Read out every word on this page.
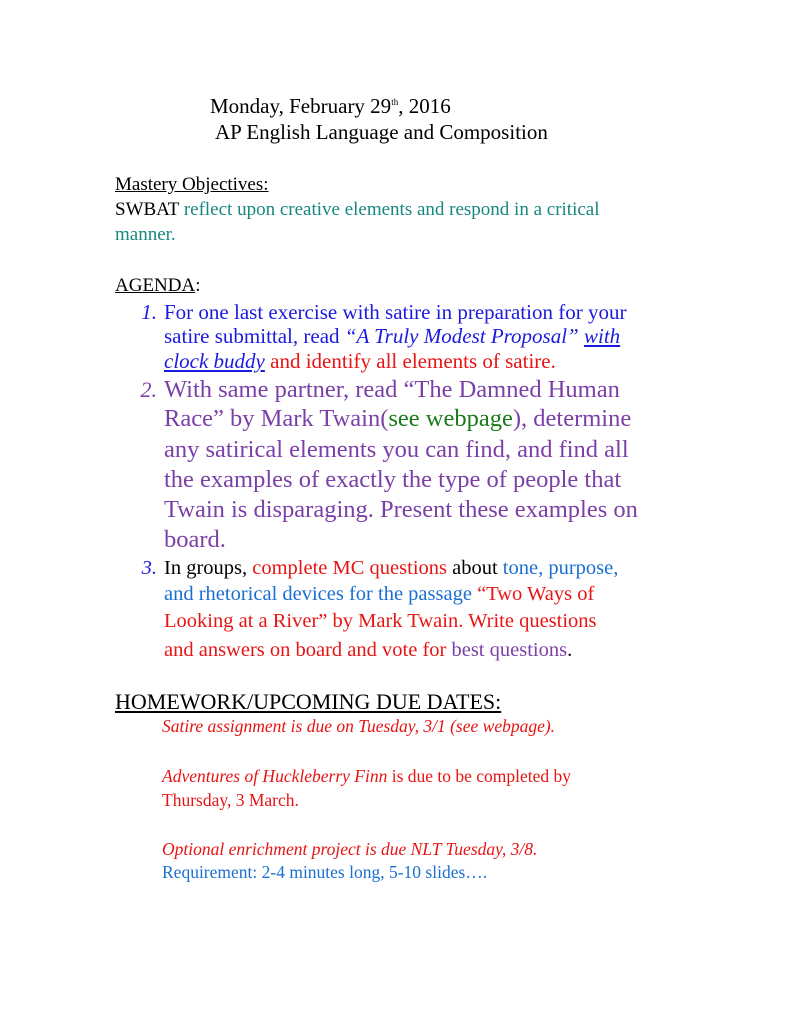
Monday, February 29th, 2016
AP English Language and Composition
Mastery Objectives:
SWBAT reflect upon creative elements and respond in a critical
manner.
AGENDA:
1. For one last exercise with satire in preparation for your
satire submittal, read “A Truly Modest Proposal” with
clock buddy and identify all elements of satire.
2. With same partner, read “The Damned Human
Race” by Mark Twain(see webpage), determine
any satirical elements you can find, and find all
the examples of exactly the type of people that
Twain is disparaging. Present these examples on
board.
3. In groups, complete MC questions about tone, purpose,
and rhetorical devices for the passage “Two Ways of
Looking at a River” by Mark Twain. Write questions
and answers on board and vote for best questions.
HOMEWORK/UPCOMING DUE DATES:
Satire assignment is due on Tuesday, 3/1 (see webpage).
Adventures of Huckleberry Finn is due to be completed by
Thursday, 3 March.
Optional enrichment project is due NLT Tuesday, 3/8.
Requirement: 2-4 minutes long, 5-10 slides….
